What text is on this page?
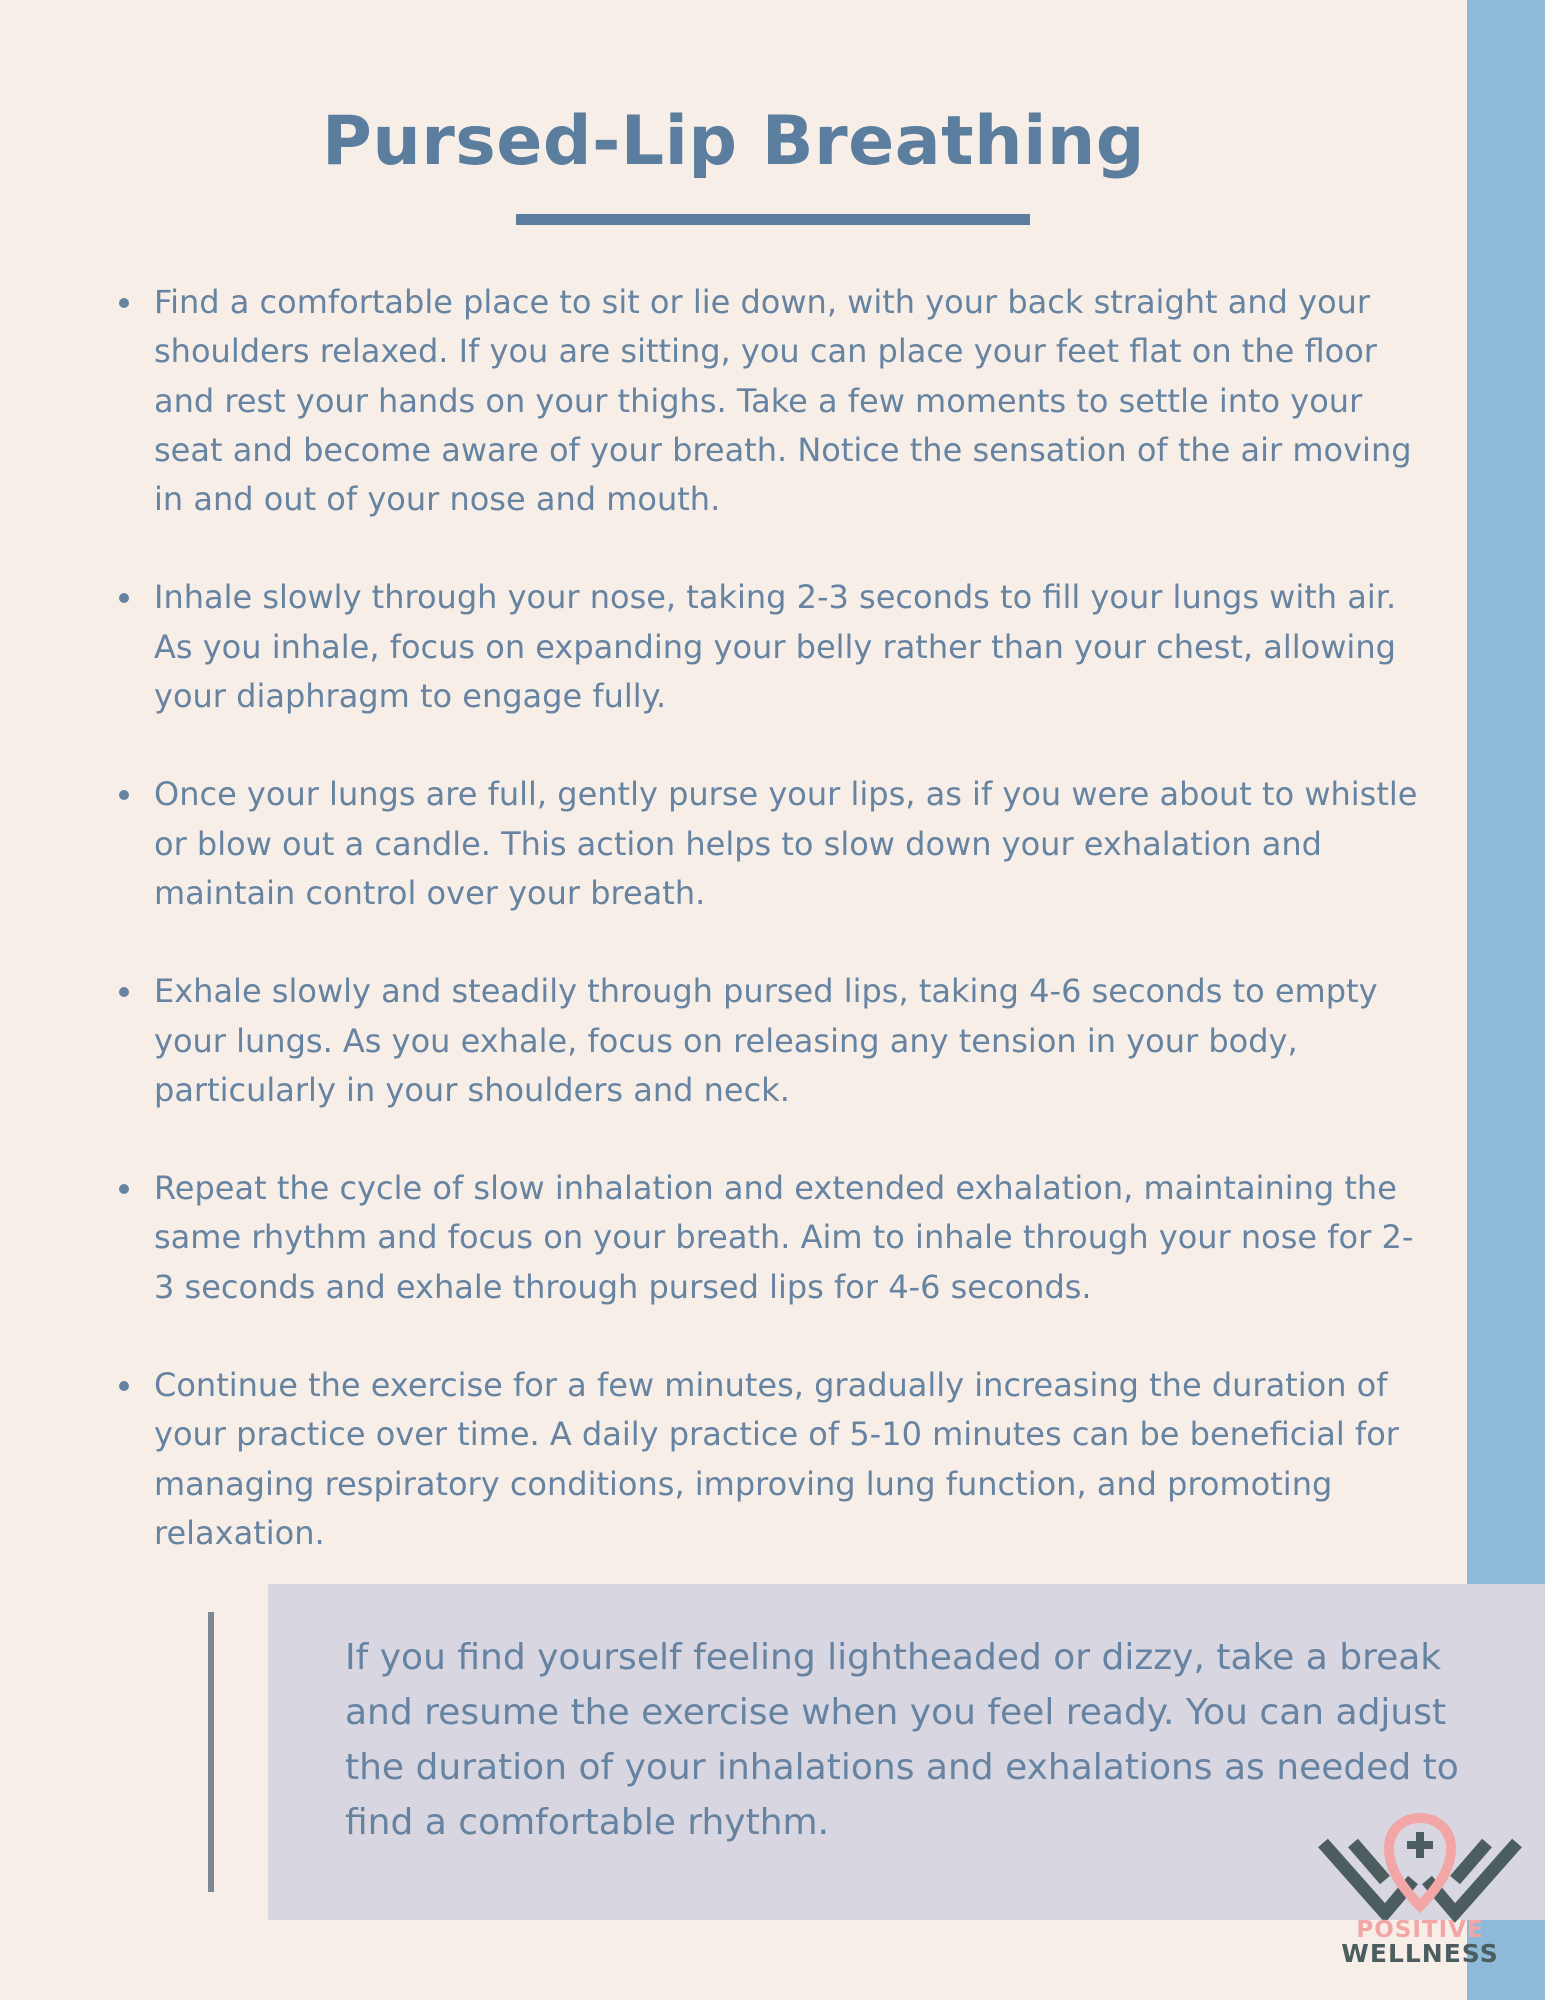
Pursed-Lip Breathing
Find a comfortable place to sit or lie down, with your back straight and your shoulders relaxed. If you are sitting, you can place your feet flat on the floor and rest your hands on your thighs. Take a few moments to settle into your seat and become aware of your breath. Notice the sensation of the air moving in and out of your nose and mouth.
Inhale slowly through your nose, taking 2-3 seconds to fill your lungs with air. As you inhale, focus on expanding your belly rather than your chest, allowing your diaphragm to engage fully.
Once your lungs are full, gently purse your lips, as if you were about to whistle or blow out a candle. This action helps to slow down your exhalation and maintain control over your breath.
Exhale slowly and steadily through pursed lips, taking 4-6 seconds to empty your lungs. As you exhale, focus on releasing any tension in your body, particularly in your shoulders and neck.
Repeat the cycle of slow inhalation and extended exhalation, maintaining the same rhythm and focus on your breath. Aim to inhale through your nose for 2-3 seconds and exhale through pursed lips for 4-6 seconds.
Continue the exercise for a few minutes, gradually increasing the duration of your practice over time. A daily practice of 5-10 minutes can be beneficial for managing respiratory conditions, improving lung function, and promoting relaxation.

If you find yourself feeling lightheaded or dizzy, take a break and resume the exercise when you feel ready. You can adjust the duration of your inhalations and exhalations as needed to find a comfortable rhythm.

POSITIVE
WELLNESS
